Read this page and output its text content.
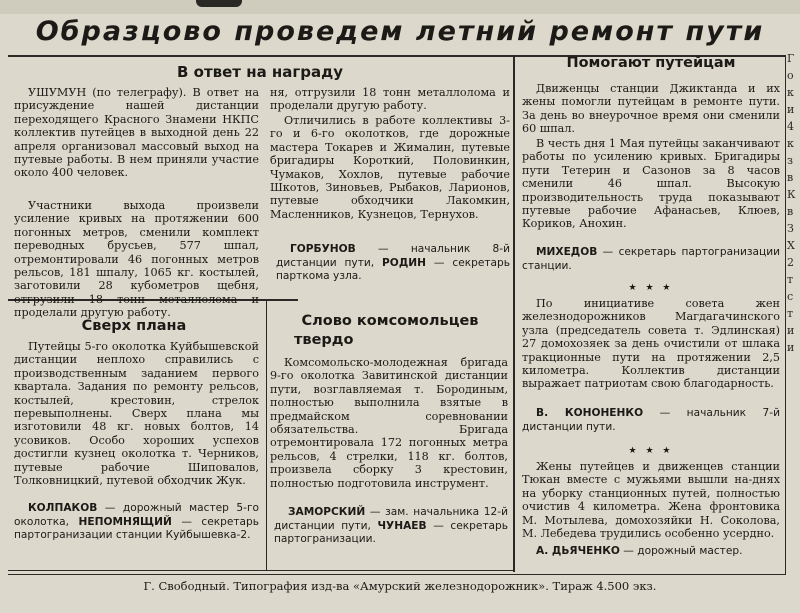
Образцово проведем летний ремонт пути
В ответ на награду
УШУМУН (по телеграфу). В ответ на присуждение нашей дистанции переходящего Красного Знамени НКПС коллектив путейцев в выходной день 22 апреля организовал массовый выход на путевые работы. В нем приняли участие около 400 человек.
Участники выхода произвели усиление кривых на протяжении 600 погонных метров, сменили комплект переводных брусьев, 577 шпал, отремонтировали 46 погонных метров рельсов, 181 шпалу, 1065 кг. костылей, заготовили 28 кубометров щебня, отгрузили 18 тонн металлолома и проделали другую работу.
ня, отгрузили 18 тонн металлолома и проделали другую работу.
Отличились в работе коллективы 3-го и 6-го околотков, где дорожные мастера Токарев и Жималин, путевые бригадиры Короткий, Половинкин, Чумаков, Хохлов, путевые рабочие Шкотов, Зиновьев, Рыбаков, Ларионов, путевые обходчики Лакомкин, Масленников, Кузнецов, Тернухов.
ГОРБУНОВ — начальник 8-й дистанции пути, РОДИН — секретарь парткома узла.
Сверх плана
Путейцы 5-го околотка Куйбышевской дистанции неплохо справились с производственным заданием первого квартала. Задания по ремонту рельсов, костылей, крестовин, стрелок перевыполнены. Сверх плана мы изготовили 48 кг. новых болтов, 14 усовиков. Особо хороших успехов достигли кузнец околотка т. Черников, путевые рабочие Шиповалов, Толковницкий, путевой обходчик Жук.
КОЛПАКОВ — дорожный мастер 5-го околотка, НЕПОМНЯЩИЙ — секретарь партогранизации станции Куйбышевка-2.
Слово комсомольцев
твердо
Комсомольско-молодежная бригада 9-го околотка Завитинской дистанции пути, возглавляемая т. Бородиным, полностью выполнила взятые в предмайском соревновании обязательства. Бригада отремонтировала 172 погонных метра рельсов, 4 стрелки, 118 кг. болтов, произвела сборку 3 крестовин, полностью подготовила инструмент.
ЗАМОРСКИЙ — зам. начальника 12-й дистанции пути, ЧУНАЕВ — секретарь партогранизации.
Помогают путейцам
Движенцы станции Джиктанда и их жены помогли путейцам в ремонте пути. За день во внеурочное время они сменили 60 шпал.
В честь дня 1 Мая путейцы заканчивают работы по усилению кривых. Бригадиры пути Тетерин и Сазонов за 8 часов сменили 46 шпал. Высокую производительность труда показывают путевые рабочие Афанасьев, Клюев, Кориков, Анохин.
МИХЕДОВ — секретарь партогранизации станции.
★ ★ ★
По инициативе совета жен железнодорожников Магдагачинского узла (председатель совета т. Эдлинская) 27 домохозяек за день очистили от шлака тракционные пути на протяжении 2,5 километра. Коллектив дистанции выражает патриотам свою благодарность.
В. КОНОНЕНКО — начальник 7-й дистанции пути.
★ ★ ★
Жены путейцев и движенцев станции Тюкан вместе с мужьями вышли на-днях на уборку станционных путей, полностью очистив 4 километра. Жена фронтовика М. Мотылева, домохозяйки Н. Соколова, М. Лебедева трудились особенно усердно.
А. ДЬЯЧЕНКО — дорожный мастер.
Г о к и 4 к з в К в З Х 2 т с т и и
Г. Свободный. Типография изд-ва «Амурский железнодорожник». Тираж 4.500 экз.
